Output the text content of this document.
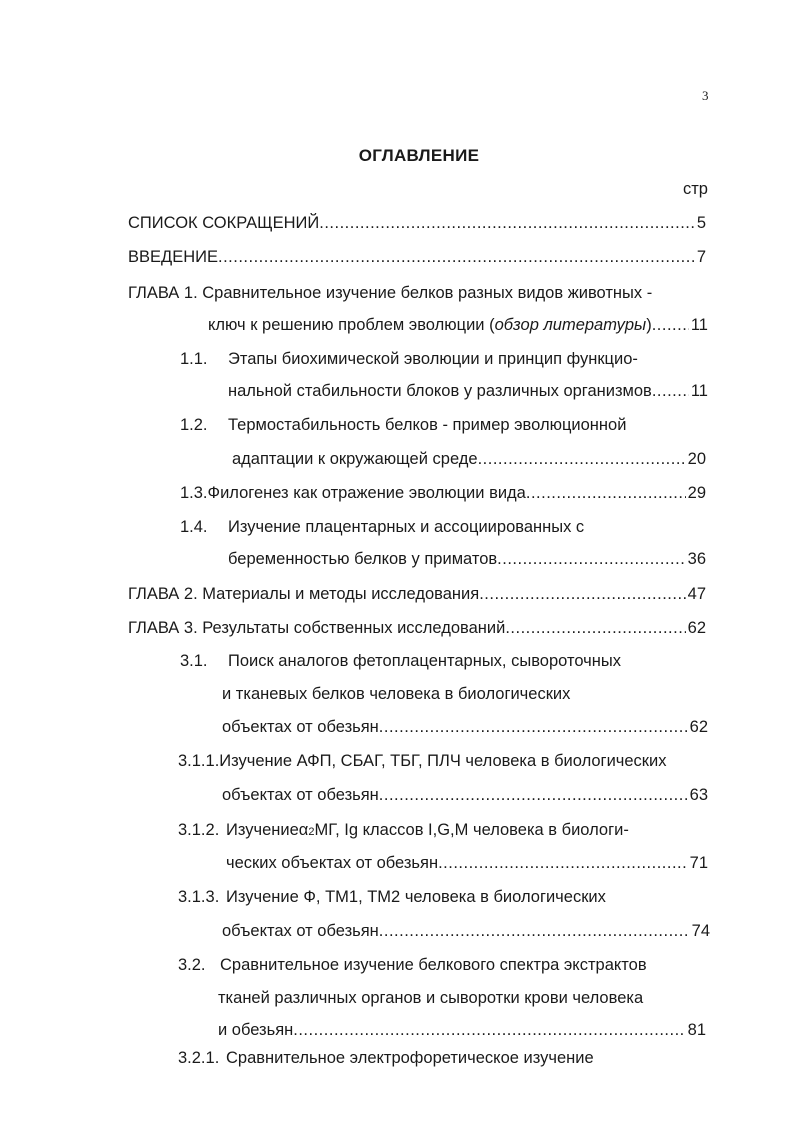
3
ОГЛАВЛЕНИЕ
стр
СПИСОК СОКРАЩЕНИЙ .....	5
ВВЕДЕНИЕ .....	7
ГЛАВА 1. Сравнительное изучение белков разных видов животных -
ключ к решению проблем эволюции ( обзор литературы ) ..... 11
1.1.	Этапы биохимической эволюции и принцип функцио-
нальной стабильности блоков у различных организмов ..... 11
1.2.	Термостабильность белков - пример эволюционной
адаптации к окружающей среде .....	20
1.3. Филогенез как отражение эволюции вида .....	29
1.4.	Изучение плацентарных и ассоциированных с
беременностью белков у приматов .....	36
ГЛАВА 2. Материалы и методы исследования .....	47
ГЛАВА 3. Результаты собственных исследований .....	62
3.1.	Поиск аналогов фетоплацентарных, сывороточных
и тканевых белков человека в биологических
объектах от обезьян .....	62
3.1.1. Изучение АФП, СБАГ, ТБГ, ПЛЧ человека в биологических
объектах от обезьян .....	63
3.1.2. Изучение α 2 МГ, Ig классов I,G,M человека в биологи-
ческих объектах от обезьян .....	71
3.1.3. Изучение Ф, ТМ1, ТМ2 человека в биологических
объектах от обезьян .....	74
3.2. Сравнительное изучение белкового спектра экстрактов
тканей различных органов и сыворотки крови человека
и обезьян .....	81
3.2.1. Сравнительное электрофоретическое изучение
